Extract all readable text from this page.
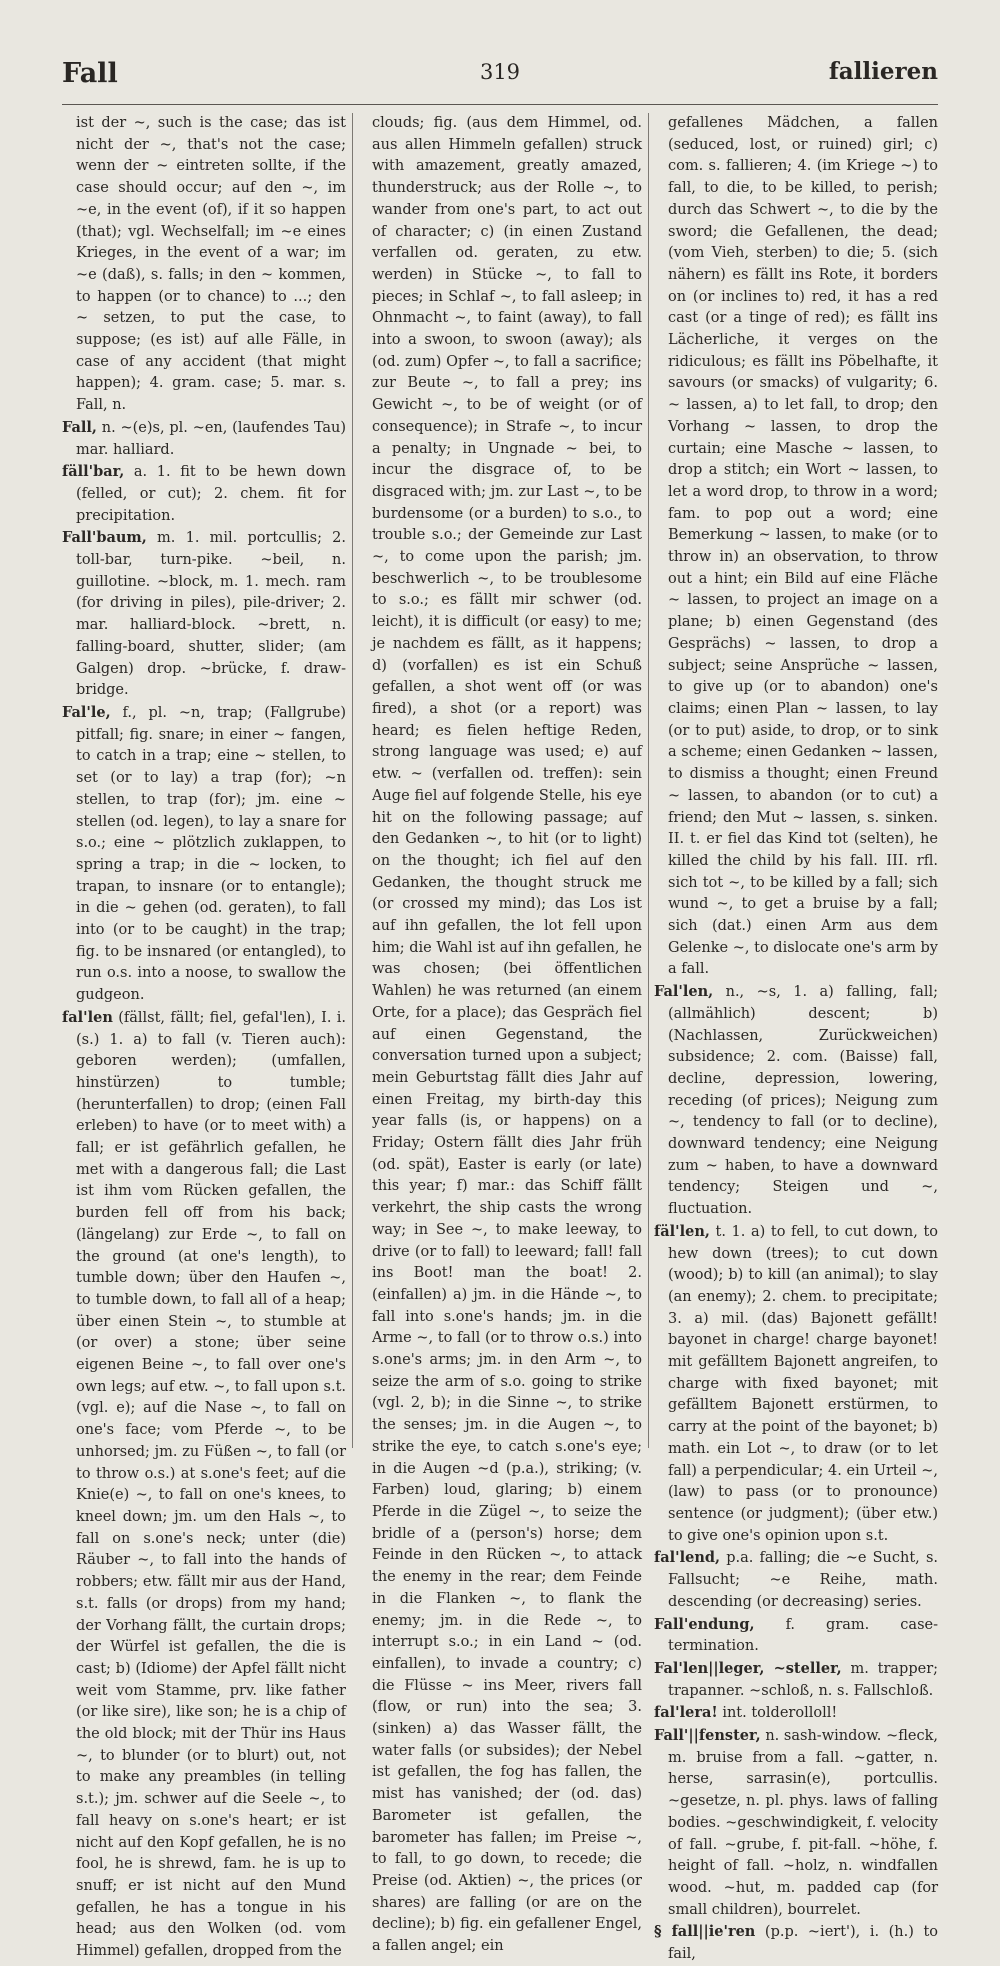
Fall	319	fallieren

ist der ~, such is the case; das ist nicht der ~, that's not the case; wenn der ~ eintreten sollte, if the case should occur; auf den ~, im ~e, in the event (of), if it so happen (that); vgl. Wechselfall; im ~e eines Krieges, in the event of a war; im ~e (daß), s. falls; in den ~ kommen, to happen (or to chance) to ...; den ~ setzen, to put the case, to suppose; (es ist) auf alle Fälle, in case of any accident (that might happen); 4. gram. case; 5. mar. s. Fall, n.

Fall, n. ~(e)s, pl. ~en, (laufendes Tau) mar. halliard.

fäll'bar, a. 1. fit to be hewn down (felled, or cut); 2. chem. fit for precipitation.

Fall'baum, m. 1. mil. portcullis; 2. toll-bar, turn-pike. ~beil, n. guillotine. ~block, m. 1. mech. ram (for driving in piles), pile-driver; 2. mar. halliard-block. ~brett, n. falling-board, shutter, slider; (am Galgen) drop. ~brücke, f. draw-bridge.

Fal'le, f., pl. ~n, trap; (Fallgrube) pitfall; fig. snare; in einer ~ fangen, to catch in a trap; eine ~ stellen, to set (or to lay) a trap (for); ~n stellen, to trap (for); jm. eine ~ stellen (od. legen), to lay a snare for s.o.; eine ~ plötzlich zuklappen, to spring a trap; in die ~ locken, to trapan, to insnare (or to entangle); in die ~ gehen (od. geraten), to fall into (or to be caught) in the trap; fig. to be insnared (or entangled), to run o.s. into a noose, to swallow the gudgeon.

fal'len (fällst, fällt; fiel, gefal'len), I. i. (s.) 1. a) to fall (v. Tieren auch): geboren werden); (umfallen, hinstürzen) to tumble; (herunterfallen) to drop; (einen Fall erleben) to have (or to meet with) a fall; er ist gefährlich gefallen, he met with a dangerous fall; die Last ist ihm vom Rücken gefallen, the burden fell off from his back; (längelang) zur Erde ~, to fall on the ground (at one's length), to tumble down; über den Haufen ~, to tumble down, to fall all of a heap; über einen Stein ~, to stumble at (or over) a stone; über seine eigenen Beine ~, to fall over one's own legs; auf etw. ~, to fall upon s.t. (vgl. e); auf die Nase ~, to fall on one's face; vom Pferde ~, to be unhorsed; jm. zu Füßen ~, to fall (or to throw o.s.) at s.one's feet; auf die Knie(e) ~, to fall on one's knees, to kneel down; jm. um den Hals ~, to fall on s.one's neck; unter (die) Räuber ~, to fall into the hands of robbers; etw. fällt mir aus der Hand, s.t. falls (or drops) from my hand; der Vorhang fällt, the curtain drops; der Würfel ist gefallen, the die is cast; b) (Idiome) der Apfel fällt nicht weit vom Stamme, prv. like father (or like sire), like son; he is a chip of the old block; mit der Thür ins Haus ~, to blunder (or to blurt) out, not to make any preambles (in telling s.t.); jm. schwer auf die Seele ~, to fall heavy on s.one's heart; er ist nicht auf den Kopf gefallen, he is no fool, he is shrewd, fam. he is up to snuff; er ist nicht auf den Mund gefallen, he has a tongue in his head; aus den Wolken (od. vom Himmel) gefallen, dropped from the

clouds; fig. (aus dem Himmel, od. aus allen Himmeln gefallen) struck with amazement, greatly amazed, thunderstruck; aus der Rolle ~, to wander from one's part, to act out of character; c) (in einen Zustand verfallen od. geraten, zu etw. werden) in Stücke ~, to fall to pieces; in Schlaf ~, to fall asleep; in Ohnmacht ~, to faint (away), to fall into a swoon, to swoon (away); als (od. zum) Opfer ~, to fall a sacrifice; zur Beute ~, to fall a prey; ins Gewicht ~, to be of weight (or of consequence); in Strafe ~, to incur a penalty; in Ungnade ~ bei, to incur the disgrace of, to be disgraced with; jm. zur Last ~, to be burdensome (or a burden) to s.o., to trouble s.o.; der Gemeinde zur Last ~, to come upon the parish; jm. beschwerlich ~, to be troublesome to s.o.; es fällt mir schwer (od. leicht), it is difficult (or easy) to me; je nachdem es fällt, as it happens; d) (vorfallen) es ist ein Schuß gefallen, a shot went off (or was fired), a shot (or a report) was heard; es fielen heftige Reden, strong language was used; e) auf etw. ~ (verfallen od. treffen): sein Auge fiel auf folgende Stelle, his eye hit on the following passage; auf den Gedanken ~, to hit (or to light) on the thought; ich fiel auf den Gedanken, the thought struck me (or crossed my mind); das Los ist auf ihn gefallen, the lot fell upon him; die Wahl ist auf ihn gefallen, he was chosen; (bei öffentlichen Wahlen) he was returned (an einem Orte, for a place); das Gespräch fiel auf einen Gegenstand, the conversation turned upon a subject; mein Geburtstag fällt dies Jahr auf einen Freitag, my birth-day this year falls (is, or happens) on a Friday; Ostern fällt dies Jahr früh (od. spät), Easter is early (or late) this year; f) mar.: das Schiff fällt verkehrt, the ship casts the wrong way; in See ~, to make leeway, to drive (or to fall) to leeward; fall! fall ins Boot! man the boat! 2. (einfallen) a) jm. in die Hände ~, to fall into s.one's hands; jm. in die Arme ~, to fall (or to throw o.s.) into s.one's arms; jm. in den Arm ~, to seize the arm of s.o. going to strike (vgl. 2, b); in die Sinne ~, to strike the senses; jm. in die Augen ~, to strike the eye, to catch s.one's eye; in die Augen ~d (p.a.), striking; (v. Farben) loud, glaring; b) einem Pferde in die Zügel ~, to seize the bridle of a (person's) horse; dem Feinde in den Rücken ~, to attack the enemy in the rear; dem Feinde in die Flanken ~, to flank the enemy; jm. in die Rede ~, to interrupt s.o.; in ein Land ~ (od. einfallen), to invade a country; c) die Flüsse ~ ins Meer, rivers fall (flow, or run) into the sea; 3. (sinken) a) das Wasser fällt, the water falls (or subsides); der Nebel ist gefallen, the fog has fallen, the mist has vanished; der (od. das) Barometer ist gefallen, the barometer has fallen; im Preise ~, to fall, to go down, to recede; die Preise (od. Aktien) ~, the prices (or shares) are falling (or are on the decline); b) fig. ein gefallener Engel, a fallen angel; ein

gefallenes Mädchen, a fallen (seduced, lost, or ruined) girl; c) com. s. fallieren; 4. (im Kriege ~) to fall, to die, to be killed, to perish; durch das Schwert ~, to die by the sword; die Gefallenen, the dead; (vom Vieh, sterben) to die; 5. (sich nähern) es fällt ins Rote, it borders on (or inclines to) red, it has a red cast (or a tinge of red); es fällt ins Lächerliche, it verges on the ridiculous; es fällt ins Pöbelhafte, it savours (or smacks) of vulgarity; 6. ~ lassen, a) to let fall, to drop; den Vorhang ~ lassen, to drop the curtain; eine Masche ~ lassen, to drop a stitch; ein Wort ~ lassen, to let a word drop, to throw in a word; fam. to pop out a word; eine Bemerkung ~ lassen, to make (or to throw in) an observation, to throw out a hint; ein Bild auf eine Fläche ~ lassen, to project an image on a plane; b) einen Gegenstand (des Gesprächs) ~ lassen, to drop a subject; seine Ansprüche ~ lassen, to give up (or to abandon) one's claims; einen Plan ~ lassen, to lay (or to put) aside, to drop, or to sink a scheme; einen Gedanken ~ lassen, to dismiss a thought; einen Freund ~ lassen, to abandon (or to cut) a friend; den Mut ~ lassen, s. sinken. II. t. er fiel das Kind tot (selten), he killed the child by his fall. III. rfl. sich tot ~, to be killed by a fall; sich wund ~, to get a bruise by a fall; sich (dat.) einen Arm aus dem Gelenke ~, to dislocate one's arm by a fall.

Fal'len, n., ~s, 1. a) falling, fall; (allmählich) descent; b) (Nachlassen, Zurückweichen) subsidence; 2. com. (Baisse) fall, decline, depression, lowering, receding (of prices); Neigung zum ~, tendency to fall (or to decline), downward tendency; eine Neigung zum ~ haben, to have a downward tendency; Steigen und ~, fluctuation.

fäl'len, t. 1. a) to fell, to cut down, to hew down (trees); to cut down (wood); b) to kill (an animal); to slay (an enemy); 2. chem. to precipitate; 3. a) mil. (das) Bajonett gefällt! bayonet in charge! charge bayonet! mit gefälltem Bajonett angreifen, to charge with fixed bayonet; mit gefälltem Bajonett erstürmen, to carry at the point of the bayonet; b) math. ein Lot ~, to draw (or to let fall) a perpendicular; 4. ein Urteil ~, (law) to pass (or to pronounce) sentence (or judgment); (über etw.) to give one's opinion upon s.t.

fal'lend, p.a. falling; die ~e Sucht, s. Fallsucht; ~e Reihe, math. descending (or decreasing) series.

Fall'endung, f. gram. case-termination.

Fal'len||leger, ~steller, m. trapper; trapanner. ~schloß, n. s. Fallschloß.

fal'lera! int. tolderolloll!

Fall'||fenster, n. sash-window. ~fleck, m. bruise from a fall. ~gatter, n. herse, sarrasin(e), portcullis. ~gesetze, n. pl. phys. laws of falling bodies. ~geschwindigkeit, f. velocity of fall. ~grube, f. pit-fall. ~höhe, f. height of fall. ~holz, n. windfallen wood. ~hut, m. padded cap (for small children), bourrelet.

§ fall||ie'ren (p.p. ~iert'), i. (h.) to fail,
